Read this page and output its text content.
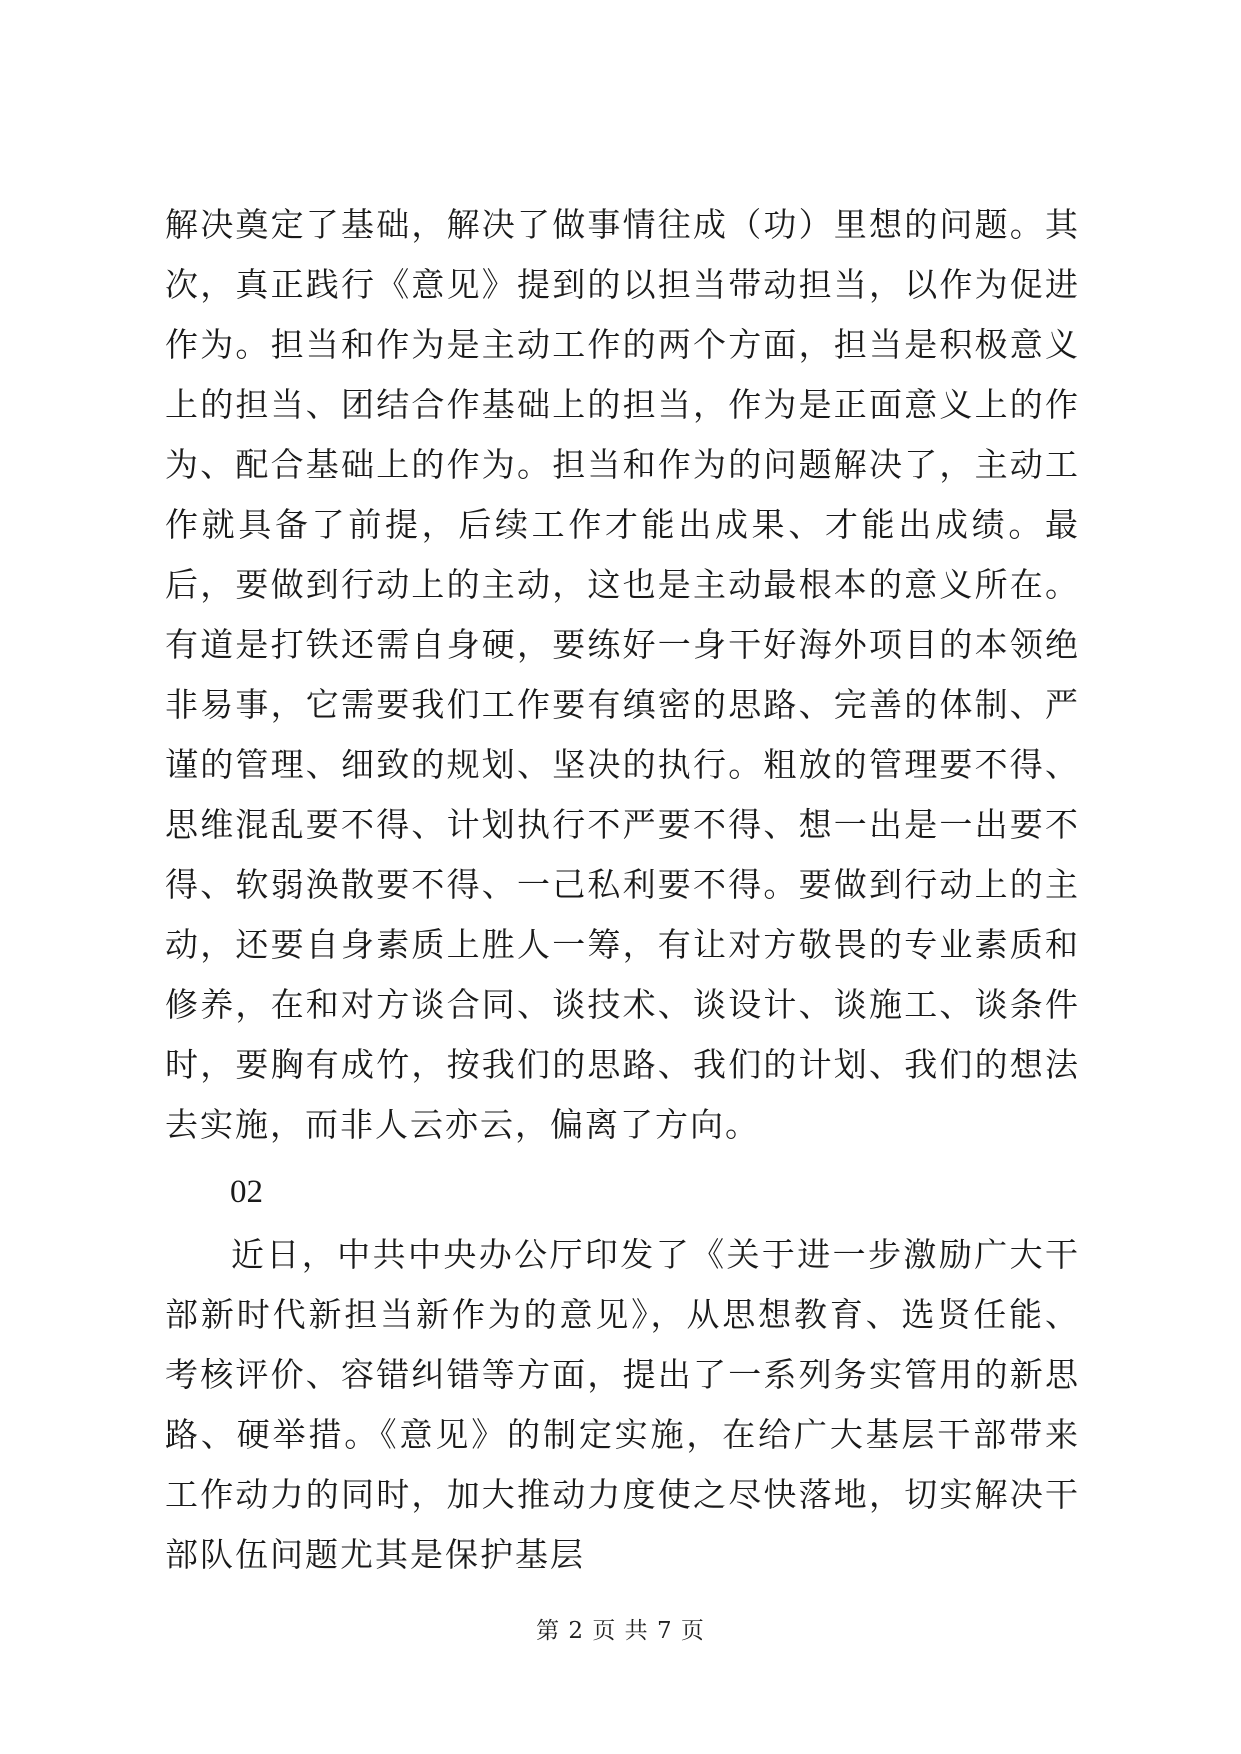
解决奠定了基础，解决了做事情往成（功）里想的问题。其次，真正践行《意见》提到的以担当带动担当，以作为促进作为。担当和作为是主动工作的两个方面，担当是积极意义上的担当、团结合作基础上的担当，作为是正面意义上的作为、配合基础上的作为。担当和作为的问题解决了，主动工作就具备了前提，后续工作才能出成果、才能出成绩。最后，要做到行动上的主动，这也是主动最根本的意义所在。有道是打铁还需自身硬，要练好一身干好海外项目的本领绝非易事，它需要我们工作要有缜密的思路、完善的体制、严谨的管理、细致的规划、坚决的执行。粗放的管理要不得、思维混乱要不得、计划执行不严要不得、想一出是一出要不得、软弱涣散要不得、一己私利要不得。要做到行动上的主动，还要自身素质上胜人一筹，有让对方敬畏的专业素质和修养，在和对方谈合同、谈技术、谈设计、谈施工、谈条件时，要胸有成竹，按我们的思路、我们的计划、我们的想法去实施，而非人云亦云，偏离了方向。
02
近日，中共中央办公厅印发了《关于进一步激励广大干部新时代新担当新作为的意见》，从思想教育、选贤任能、考核评价、容错纠错等方面，提出了一系列务实管用的新思路、硬举措。《意见》的制定实施，在给广大基层干部带来工作动力的同时，加大推动力度使之尽快落地，切实解决干部队伍问题尤其是保护基层
第 2 页 共 7 页
